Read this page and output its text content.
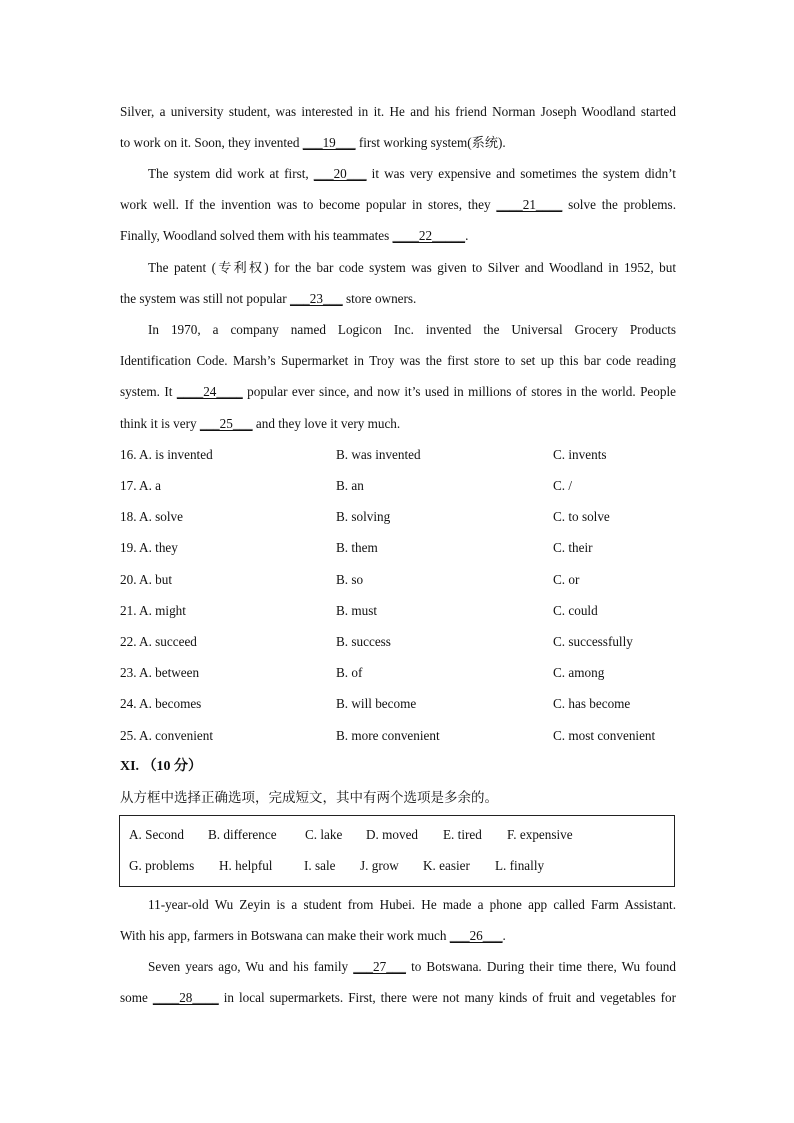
Silver, a university student, was interested in it. He and his friend Norman Joseph Woodland started
to work on it. Soon, they invented ___19___ first working system(系统).
The system did work at first, ___20___ it was very expensive and sometimes the system didn’t
work well. If the invention was to become popular in stores, they ____21____ solve the problems.
Finally, Woodland solved them with his teammates ____22_____.
The patent (专利权) for the bar code system was given to Silver and Woodland in 1952, but
the system was still not popular ___23___ store owners.
In 1970, a company named Logicon Inc. invented the Universal Grocery Products
Identification Code. Marsh’s Supermarket in Troy was the first store to set up this bar code reading
system. It ____24____ popular ever since, and now it’s used in millions of stores in the world. People
think it is very ___25___ and they love it very much.
16. A. is invented	B. was invented	C. invents
17. A. a	B. an	C. /
18. A. solve	B. solving	C. to solve
19. A. they	B. them	C. their
20. A. but	B. so	C. or
21. A. might	B. must	C. could
22. A. succeed	B. success	C. successfully
23. A. between	B. of	C. among
24. A. becomes	B. will become	C. has become
25. A. convenient	B. more convenient	C. most convenient
XI. （10 分）
从方框中选择正确选项，完成短文，其中有两个选项是多余的。
A. Second B. difference C. lake D. moved E. tired F. expensive
G. problems H. helpful I. sale J. grow K. easier L. finally
11-year-old Wu Zeyin is a student from Hubei. He made a phone app called Farm Assistant.
With his app, farmers in Botswana can make their work much ___26___.
Seven years ago, Wu and his family ___27___ to Botswana. During their time there, Wu found
some ____28____ in local supermarkets. First, there were not many kinds of fruit and vegetables for
